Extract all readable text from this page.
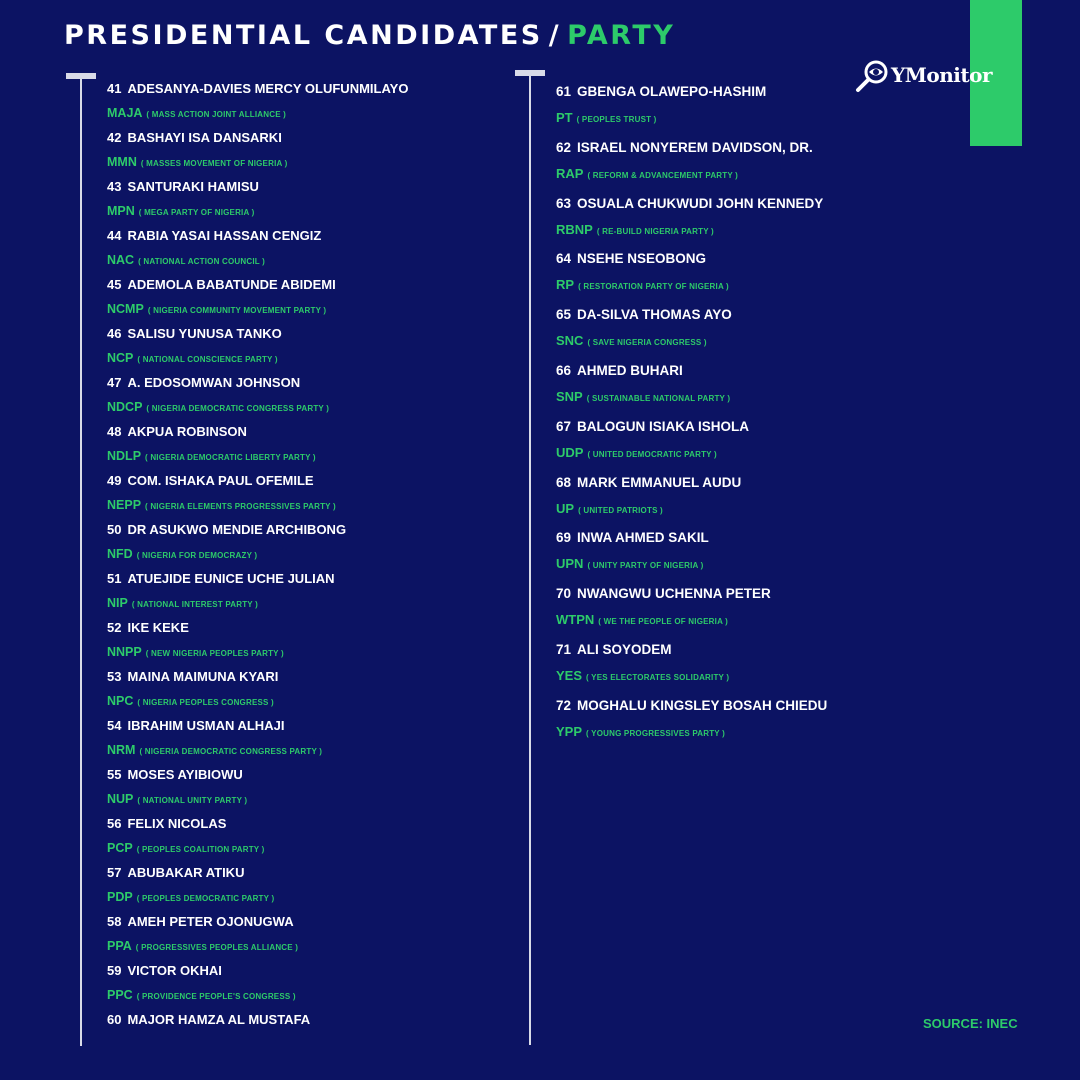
PRESIDENTIAL CANDIDATES / PARTY
YMonitor
41 ADESANYA-DAVIES MERCY OLUFUNMILAYO
MAJA ( MASS ACTION JOINT ALLIANCE )
42 BASHAYI ISA DANSARKI
MMN ( MASSES MOVEMENT OF NIGERIA )
43 SANTURAKI HAMISU
MPN ( MEGA PARTY OF NIGERIA )
44 RABIA YASAI HASSAN CENGIZ
NAC ( NATIONAL ACTION COUNCIL )
45 ADEMOLA BABATUNDE ABIDEMI
NCMP ( NIGERIA COMMUNITY MOVEMENT PARTY )
46 SALISU YUNUSA TANKO
NCP ( NATIONAL CONSCIENCE PARTY )
47 A. EDOSOMWAN JOHNSON
NDCP ( NIGERIA DEMOCRATIC CONGRESS PARTY )
48 AKPUA ROBINSON
NDLP ( NIGERIA DEMOCRATIC LIBERTY PARTY )
49 COM. ISHAKA PAUL OFEMILE
NEPP ( NIGERIA ELEMENTS PROGRESSIVES PARTY )
50 DR ASUKWO MENDIE ARCHIBONG
NFD ( NIGERIA FOR DEMOCRAZY )
51 ATUEJIDE EUNICE UCHE JULIAN
NIP ( NATIONAL INTEREST PARTY )
52 IKE KEKE
NNPP ( NEW NIGERIA PEOPLES PARTY )
53 MAINA MAIMUNA KYARI
NPC ( NIGERIA PEOPLES CONGRESS )
54 IBRAHIM USMAN ALHAJI
NRM ( NIGERIA DEMOCRATIC CONGRESS PARTY )
55 MOSES AYIBIOWU
NUP ( NATIONAL UNITY PARTY )
56 FELIX NICOLAS
PCP ( PEOPLES COALITION PARTY )
57 ABUBAKAR ATIKU
PDP ( PEOPLES DEMOCRATIC PARTY )
58 AMEH PETER OJONUGWA
PPA ( PROGRESSIVES PEOPLES ALLIANCE )
59 VICTOR OKHAI
PPC ( PROVIDENCE PEOPLE'S CONGRESS )
60 MAJOR HAMZA AL MUSTAFA
61 GBENGA OLAWEPO-HASHIM
PT ( PEOPLES TRUST )
62 ISRAEL NONYEREM DAVIDSON, DR.
RAP ( REFORM & ADVANCEMENT PARTY )
63 OSUALA CHUKWUDI JOHN KENNEDY
RBNP ( RE-BUILD NIGERIA PARTY )
64 NSEHE NSEOBONG
RP ( RESTORATION PARTY OF NIGERIA )
65 DA-SILVA THOMAS AYO
SNC ( SAVE NIGERIA CONGRESS )
66 AHMED BUHARI
SNP ( SUSTAINABLE NATIONAL PARTY )
67 BALOGUN ISIAKA ISHOLA
UDP ( UNITED DEMOCRATIC PARTY )
68 MARK EMMANUEL AUDU
UP ( UNITED PATRIOTS )
69 INWA AHMED SAKIL
UPN ( UNITY PARTY OF NIGERIA )
70 NWANGWU UCHENNA PETER
WTPN ( WE THE PEOPLE OF NIGERIA )
71 ALI SOYODEM
YES ( YES ELECTORATES SOLIDARITY )
72 MOGHALU KINGSLEY BOSAH CHIEDU
YPP ( YOUNG PROGRESSIVES PARTY )
SOURCE: INEC
